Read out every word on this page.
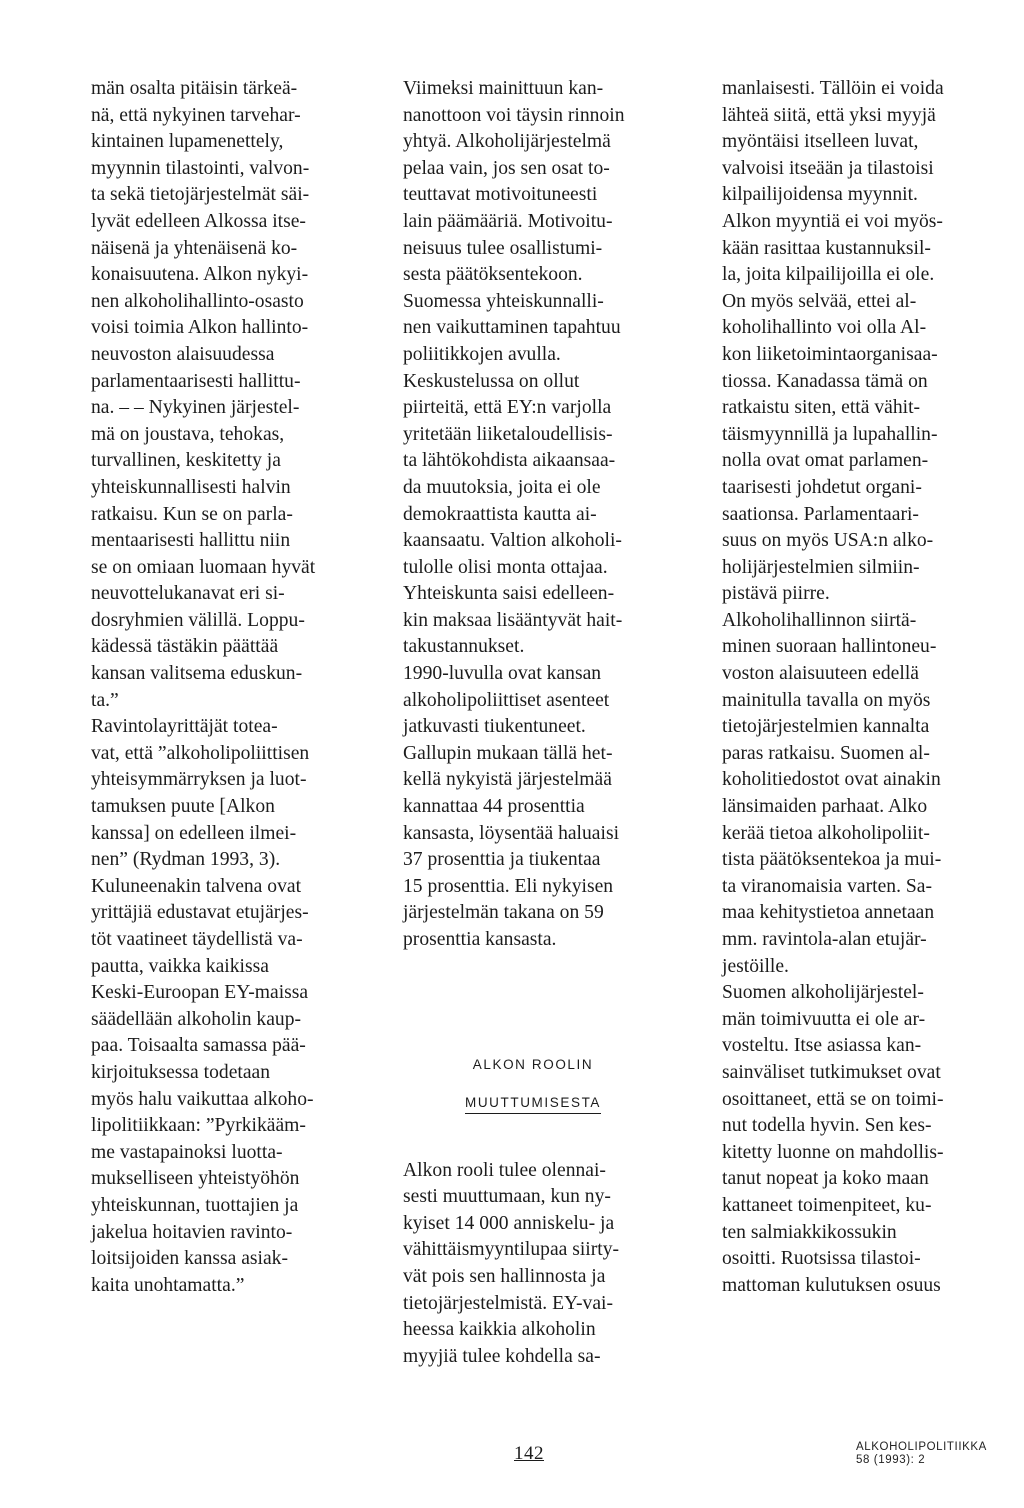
män osalta pitäisin tärkeä-
nä, että nykyinen tarvehar-
kintainen lupamenettely,
myynnin tilastointi, valvon-
ta sekä tietojärjestelmät säi-
lyvät edelleen Alkossa itse-
näisenä ja yhtenäisenä ko-
konaisuutena. Alkon nykyi-
nen alkoholihallinto-osasto
voisi toimia Alkon hallinto-
neuvoston alaisuudessa
parlamentaarisesti hallittu-
na. – – Nykyinen järjestel-
mä on joustava, tehokas,
turvallinen, keskitetty ja
yhteiskunnallisesti halvin
ratkaisu. Kun se on parla-
mentaarisesti hallittu niin
se on omiaan luomaan hyvät
neuvottelukanavat eri si-
dosryhmien välillä. Loppu-
kädessä tästäkin päättää
kansan valitsema eduskun-
ta.”

Ravintolayrittäjät totea-
vat, että ”alkoholipoliittisen
yhteisymmärryksen ja luot-
tamuksen puute [Alkon
kanssa] on edelleen ilmei-
nen” (Rydman 1993, 3).
Kuluneenakin talvena ovat
yrittäjiä edustavat etujärjes-
töt vaatineet täydellistä va-
pautta, vaikka kaikissa
Keski-Euroopan EY-maissa
säädellään alkoholin kaup-
paa. Toisaalta samassa pää-
kirjoituksessa todetaan
myös halu vaikuttaa alkoho-
lipolitiikkaan: ”Pyrkikääm-
me vastapainoksi luotta-
mukselliseen yhteistyöhön
yhteiskunnan, tuottajien ja
jakelua hoitavien ravinto-
loitsijoiden kanssa asiak-
kaita unohtamatta.”

Viimeksi mainittuun kan-
nanottoon voi täysin rinnoin
yhtyä. Alkoholijärjestelmä
pelaa vain, jos sen osat to-
teuttavat motivoituneesti
lain päämääriä. Motivoitu-
neisuus tulee osallistumi-
sesta päätöksentekoon.
Suomessa yhteiskunnalli-
nen vaikuttaminen tapahtuu
poliitikkojen avulla.

Keskustelussa on ollut
piirteitä, että EY:n varjolla
yritetään liiketaloudellisis-
ta lähtökohdista aikaansaa-
da muutoksia, joita ei ole
demokraattista kautta ai-
kaansaatu. Valtion alkoholi-
tulolle olisi monta ottajaa.
Yhteiskunta saisi edelleen-
kin maksaa lisääntyvät hait-
takustannukset.

1990-luvulla ovat kansan
alkoholipoliittiset asenteet
jatkuvasti tiukentuneet.
Gallupin mukaan tällä het-
kellä nykyistä järjestelmää
kannattaa 44 prosenttia
kansasta, löysentää haluaisi
37 prosenttia ja tiukentaa
15 prosenttia. Eli nykyisen
järjestelmän takana on 59
prosenttia kansasta.

ALKON ROOLIN

MUUTTUMISESTA

Alkon rooli tulee olennai-
sesti muuttumaan, kun ny-
kyiset 14 000 anniskelu- ja
vähittäismyyntilupaa siirty-
vät pois sen hallinnosta ja
tietojärjestelmistä. EY-vai-
heessa kaikkia alkoholin
myyjiä tulee kohdella sa-

manlaisesti. Tällöin ei voida
lähteä siitä, että yksi myyjä
myöntäisi itselleen luvat,
valvoisi itseään ja tilastoisi
kilpailijoidensa myynnit.
Alkon myyntiä ei voi myös-
kään rasittaa kustannuksil-
la, joita kilpailijoilla ei ole.

On myös selvää, ettei al-
koholihallinto voi olla Al-
kon liiketoimintaorganisaa-
tiossa. Kanadassa tämä on
ratkaistu siten, että vähit-
täismyynnillä ja lupahallin-
nolla ovat omat parlamen-
taarisesti johdetut organi-
saationsa. Parlamentaari-
suus on myös USA:n alko-
holijärjestelmien silmiin-
pistävä piirre.

Alkoholihallinnon siirtä-
minen suoraan hallintoneu-
voston alaisuuteen edellä
mainitulla tavalla on myös
tietojärjestelmien kannalta
paras ratkaisu. Suomen al-
koholitiedostot ovat ainakin
länsimaiden parhaat. Alko
kerää tietoa alkoholipoliit-
tista päätöksentekoa ja mui-
ta viranomaisia varten. Sa-
maa kehitystietoa annetaan
mm. ravintola-alan etujär-
jestöille.

Suomen alkoholijärjestel-
män toimivuutta ei ole ar-
vosteltu. Itse asiassa kan-
sainväliset tutkimukset ovat
osoittaneet, että se on toimi-
nut todella hyvin. Sen kes-
kitetty luonne on mahdollis-
tanut nopeat ja koko maan
kattaneet toimenpiteet, ku-
ten salmiakkikossukin
osoitti. Ruotsissa tilastoi-
mattoman kulutuksen osuus

142	ALKOHOLIPOLITIIKKA
58 (1993): 2
